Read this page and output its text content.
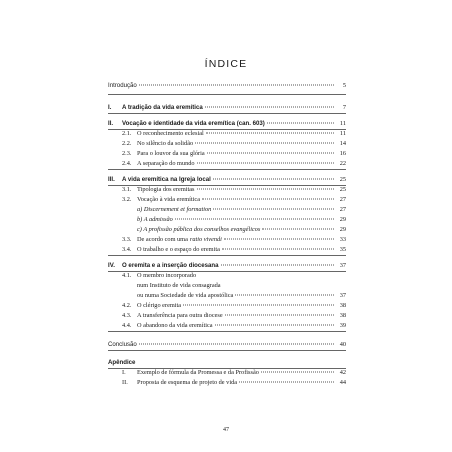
ÍNDICE
Introdução	5
I.	A tradição da vida eremítica	7
II.	Vocação e identidade da vida eremítica (can. 603)	11
2.1. O reconhecimento eclesial	11
2.2. No silêncio da solidão	14
2.3. Para o louvor da sua glória	16
2.4. A separação do mundo	22
III.	A vida eremítica na Igreja local	25
3.1. Tipologia dos eremitas	25
3.2. Vocação à vida eremítica	27
a) Discernement et formation	27
b) A admissão	29
c) A profissão pública dos conselhos evangélicos	29
3.3. De acordo com uma ratio vivendi	33
3.4. O trabalho e o espaço do eremita	35
IV.	O eremita e a inserção diocesana	37
4.1. O membro incorporado
num Instituto de vida consagrada
ou numa Sociedade de vida apostólica	37
4.2. O clérigo eremita	38
4.3. A transferência para outra diocese	38
4.4. O abandono da vida eremítica	39
Conclusão	40
Apêndice
I.	Exemplo de fórmula da Promessa e da Profissão	42
II.	Proposta de esquema de projeto de vida	44
47
